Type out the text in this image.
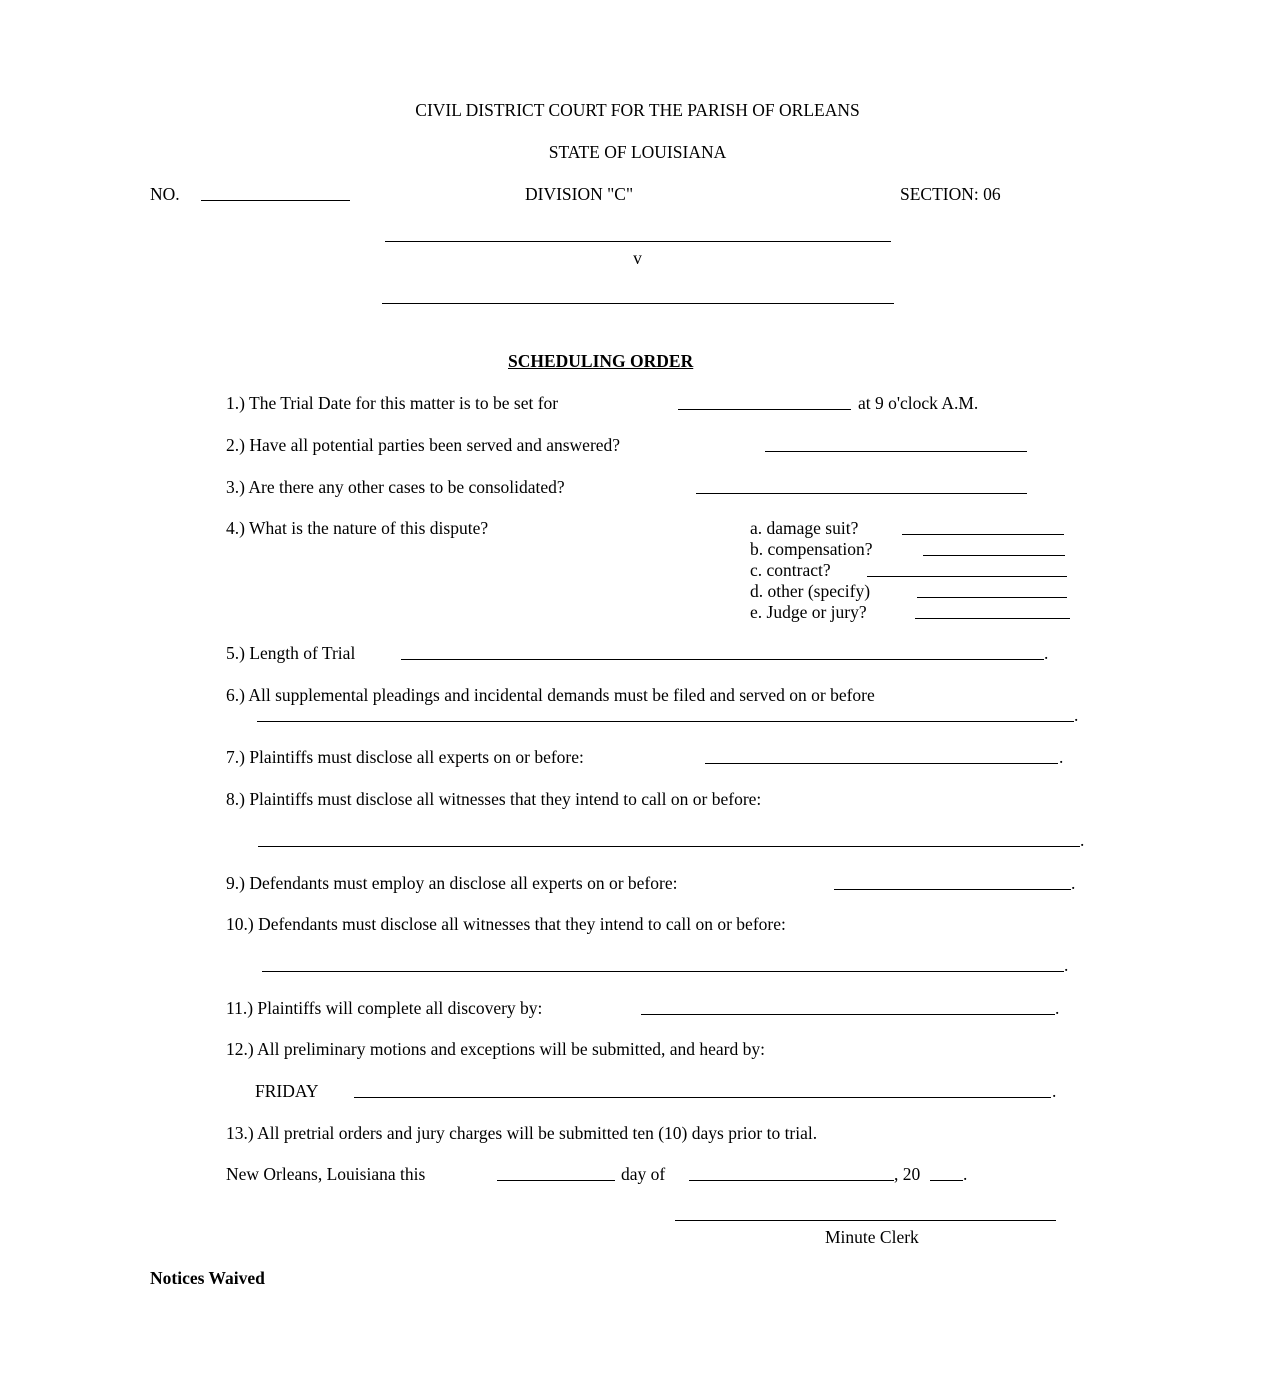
CIVIL DISTRICT COURT FOR THE PARISH OF ORLEANS
STATE OF LOUISIANA
NO.	DIVISION "C"	SECTION: 06
v
SCHEDULING ORDER
1.) The Trial Date for this matter is to be set for	at 9 o'clock A.M.
2.) Have all potential parties been served and answered?
3.) Are there any other cases to be consolidated?
4.) What is the nature of this dispute?	a. damage suit?
b. compensation?
c. contract?
d. other (specify)
e. Judge or jury?
5.) Length of Trial	.
6.) All supplemental pleadings and incidental demands must be filed and served on or before
.
7.) Plaintiffs must disclose all experts on or before:	.
8.) Plaintiffs must disclose all witnesses that they intend to call on or before:
.
9.) Defendants must employ an disclose all experts on or before:	.
10.) Defendants must disclose all witnesses that they intend to call on or before:
.
11.) Plaintiffs will complete all discovery by:	.
12.) All preliminary motions and exceptions will be submitted, and heard by:
FRIDAY	.
13.) All pretrial orders and jury charges will be submitted ten (10) days prior to trial.
New Orleans, Louisiana this	day of	, 20 .
Minute Clerk
Notices Waived
